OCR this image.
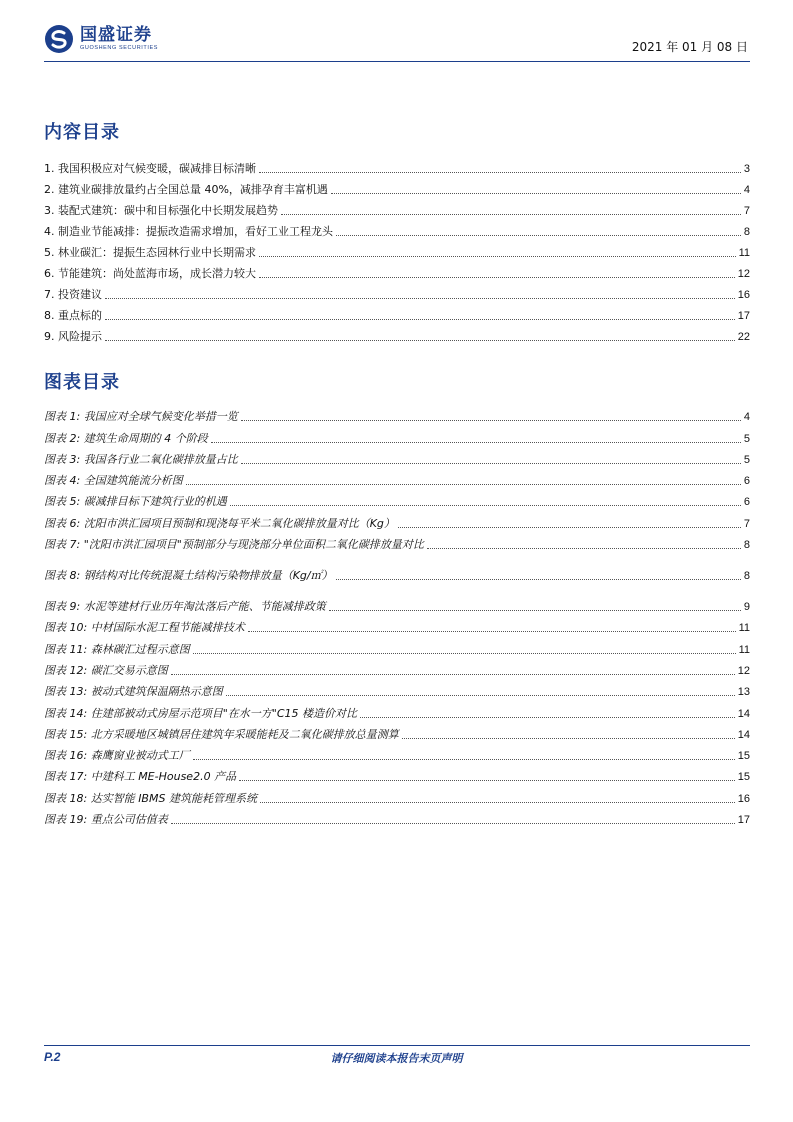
国盛证券
GUOSHENG SECURITIES	2021 年 01 月 08 日
内容目录
1. 我国积极应对气候变暖，碳减排目标清晰	3
2. 建筑业碳排放量约占全国总量 40%，减排孕育丰富机遇	4
3. 装配式建筑：碳中和目标强化中长期发展趋势	7
4. 制造业节能减排：提振改造需求增加，看好工业工程龙头	8
5. 林业碳汇：提振生态园林行业中长期需求	11
6. 节能建筑：尚处蓝海市场，成长潜力较大	12
7. 投资建议	16
8. 重点标的	17
9. 风险提示	22
图表目录
图表 1: 我国应对全球气候变化举措一览	4
图表 2: 建筑生命周期的 4 个阶段	5
图表 3: 我国各行业二氧化碳排放量占比	5
图表 4: 全国建筑能流分析图	6
图表 5: 碳减排目标下建筑行业的机遇	6
图表 6: 沈阳市洪汇园项目预制和现浇每平米二氧化碳排放量对比（Kg）	7
图表 7: "沈阳市洪汇园项目"预制部分与现浇部分单位面积二氧化碳排放量对比	8
图表 8: 钢结构对比传统混凝土结构污染物排放量（Kg/㎡）	8
图表 9: 水泥等建材行业历年淘汰落后产能、节能减排政策	9
图表 10: 中材国际水泥工程节能减排技术	11
图表 11: 森林碳汇过程示意图	11
图表 12: 碳汇交易示意图	12
图表 13: 被动式建筑保温隔热示意图	13
图表 14: 住建部被动式房屋示范项目"在水一方"C15 楼造价对比	14
图表 15: 北方采暖地区城镇居住建筑年采暖能耗及二氧化碳排放总量测算	14
图表 16: 森鹰窗业被动式工厂	15
图表 17: 中建科工 ME-House2.0 产品	15
图表 18: 达实智能 IBMS 建筑能耗管理系统	16
图表 19: 重点公司估值表	17
P.2	请仔细阅读本报告末页声明
